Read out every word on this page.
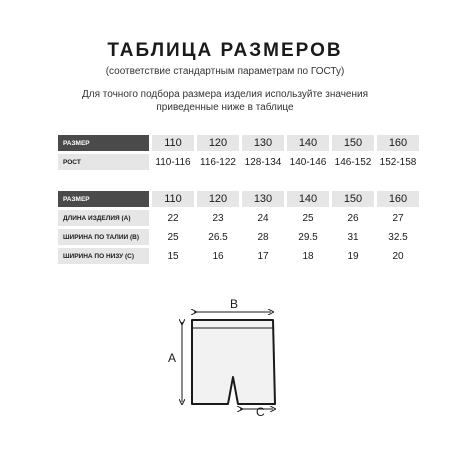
ТАБЛИЦА РАЗМЕРОВ
(соответствие стандартным параметрам по ГОСТу)
Для точного подбора размера изделия используйте значения приведенные ниже в таблице
РАЗМЕР	110	120	130	140	150	160
РОСТ	110-116	116-122	128-134	140-146	146-152	152-158
РАЗМЕР	110	120	130	140	150	160
ДЛИНА ИЗДЕЛИЯ (А)	22	23	24	25	26	27
ШИРИНА ПО ТАЛИИ (В)	25	26.5	28	29.5	31	32.5
ШИРИНА ПО НИЗУ (С)	15	16	17	18	19	20
B
A
C
